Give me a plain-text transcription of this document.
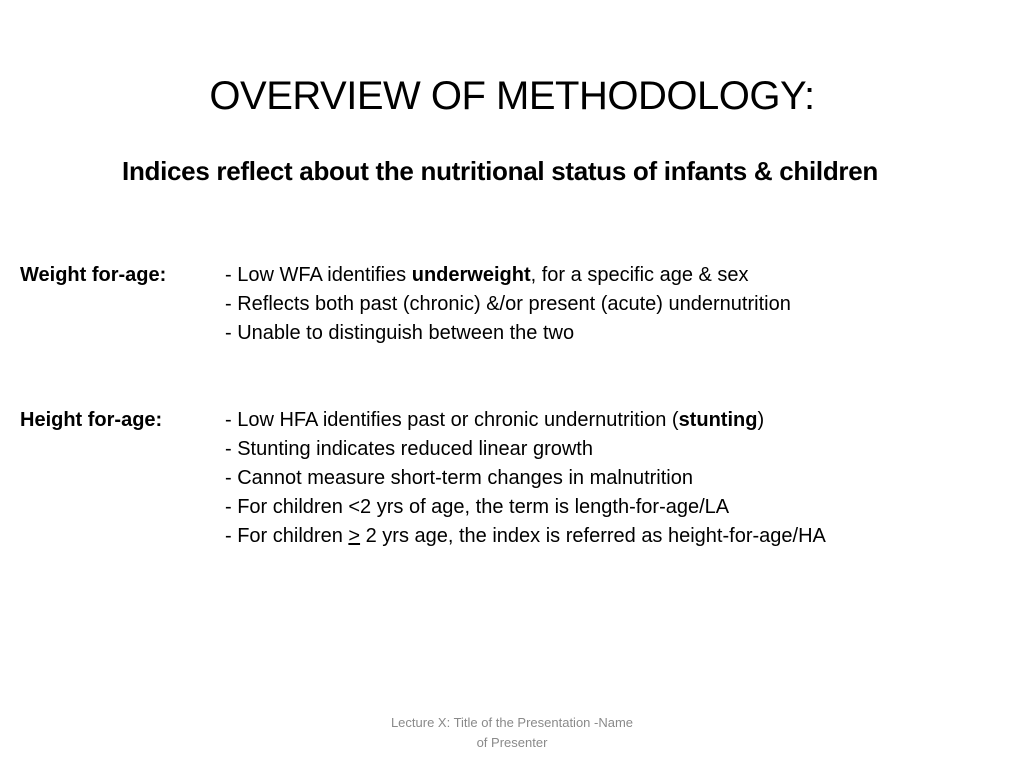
OVERVIEW OF METHODOLOGY:
Indices reflect about the nutritional status of infants & children
Weight for-age:	- Low WFA identifies underweight, for a specific age & sex
- Reflects both past (chronic) &/or present (acute) undernutrition
- Unable to distinguish between the two
Height for-age:	- Low HFA identifies past or chronic undernutrition (stunting)
- Stunting indicates reduced linear growth
- Cannot measure short-term changes in malnutrition
- For children <2 yrs of age, the term is length-for-age/LA
- For children > 2 yrs age, the index is referred as height-for-age/HA
Lecture X: Title of the Presentation -Name
of Presenter
